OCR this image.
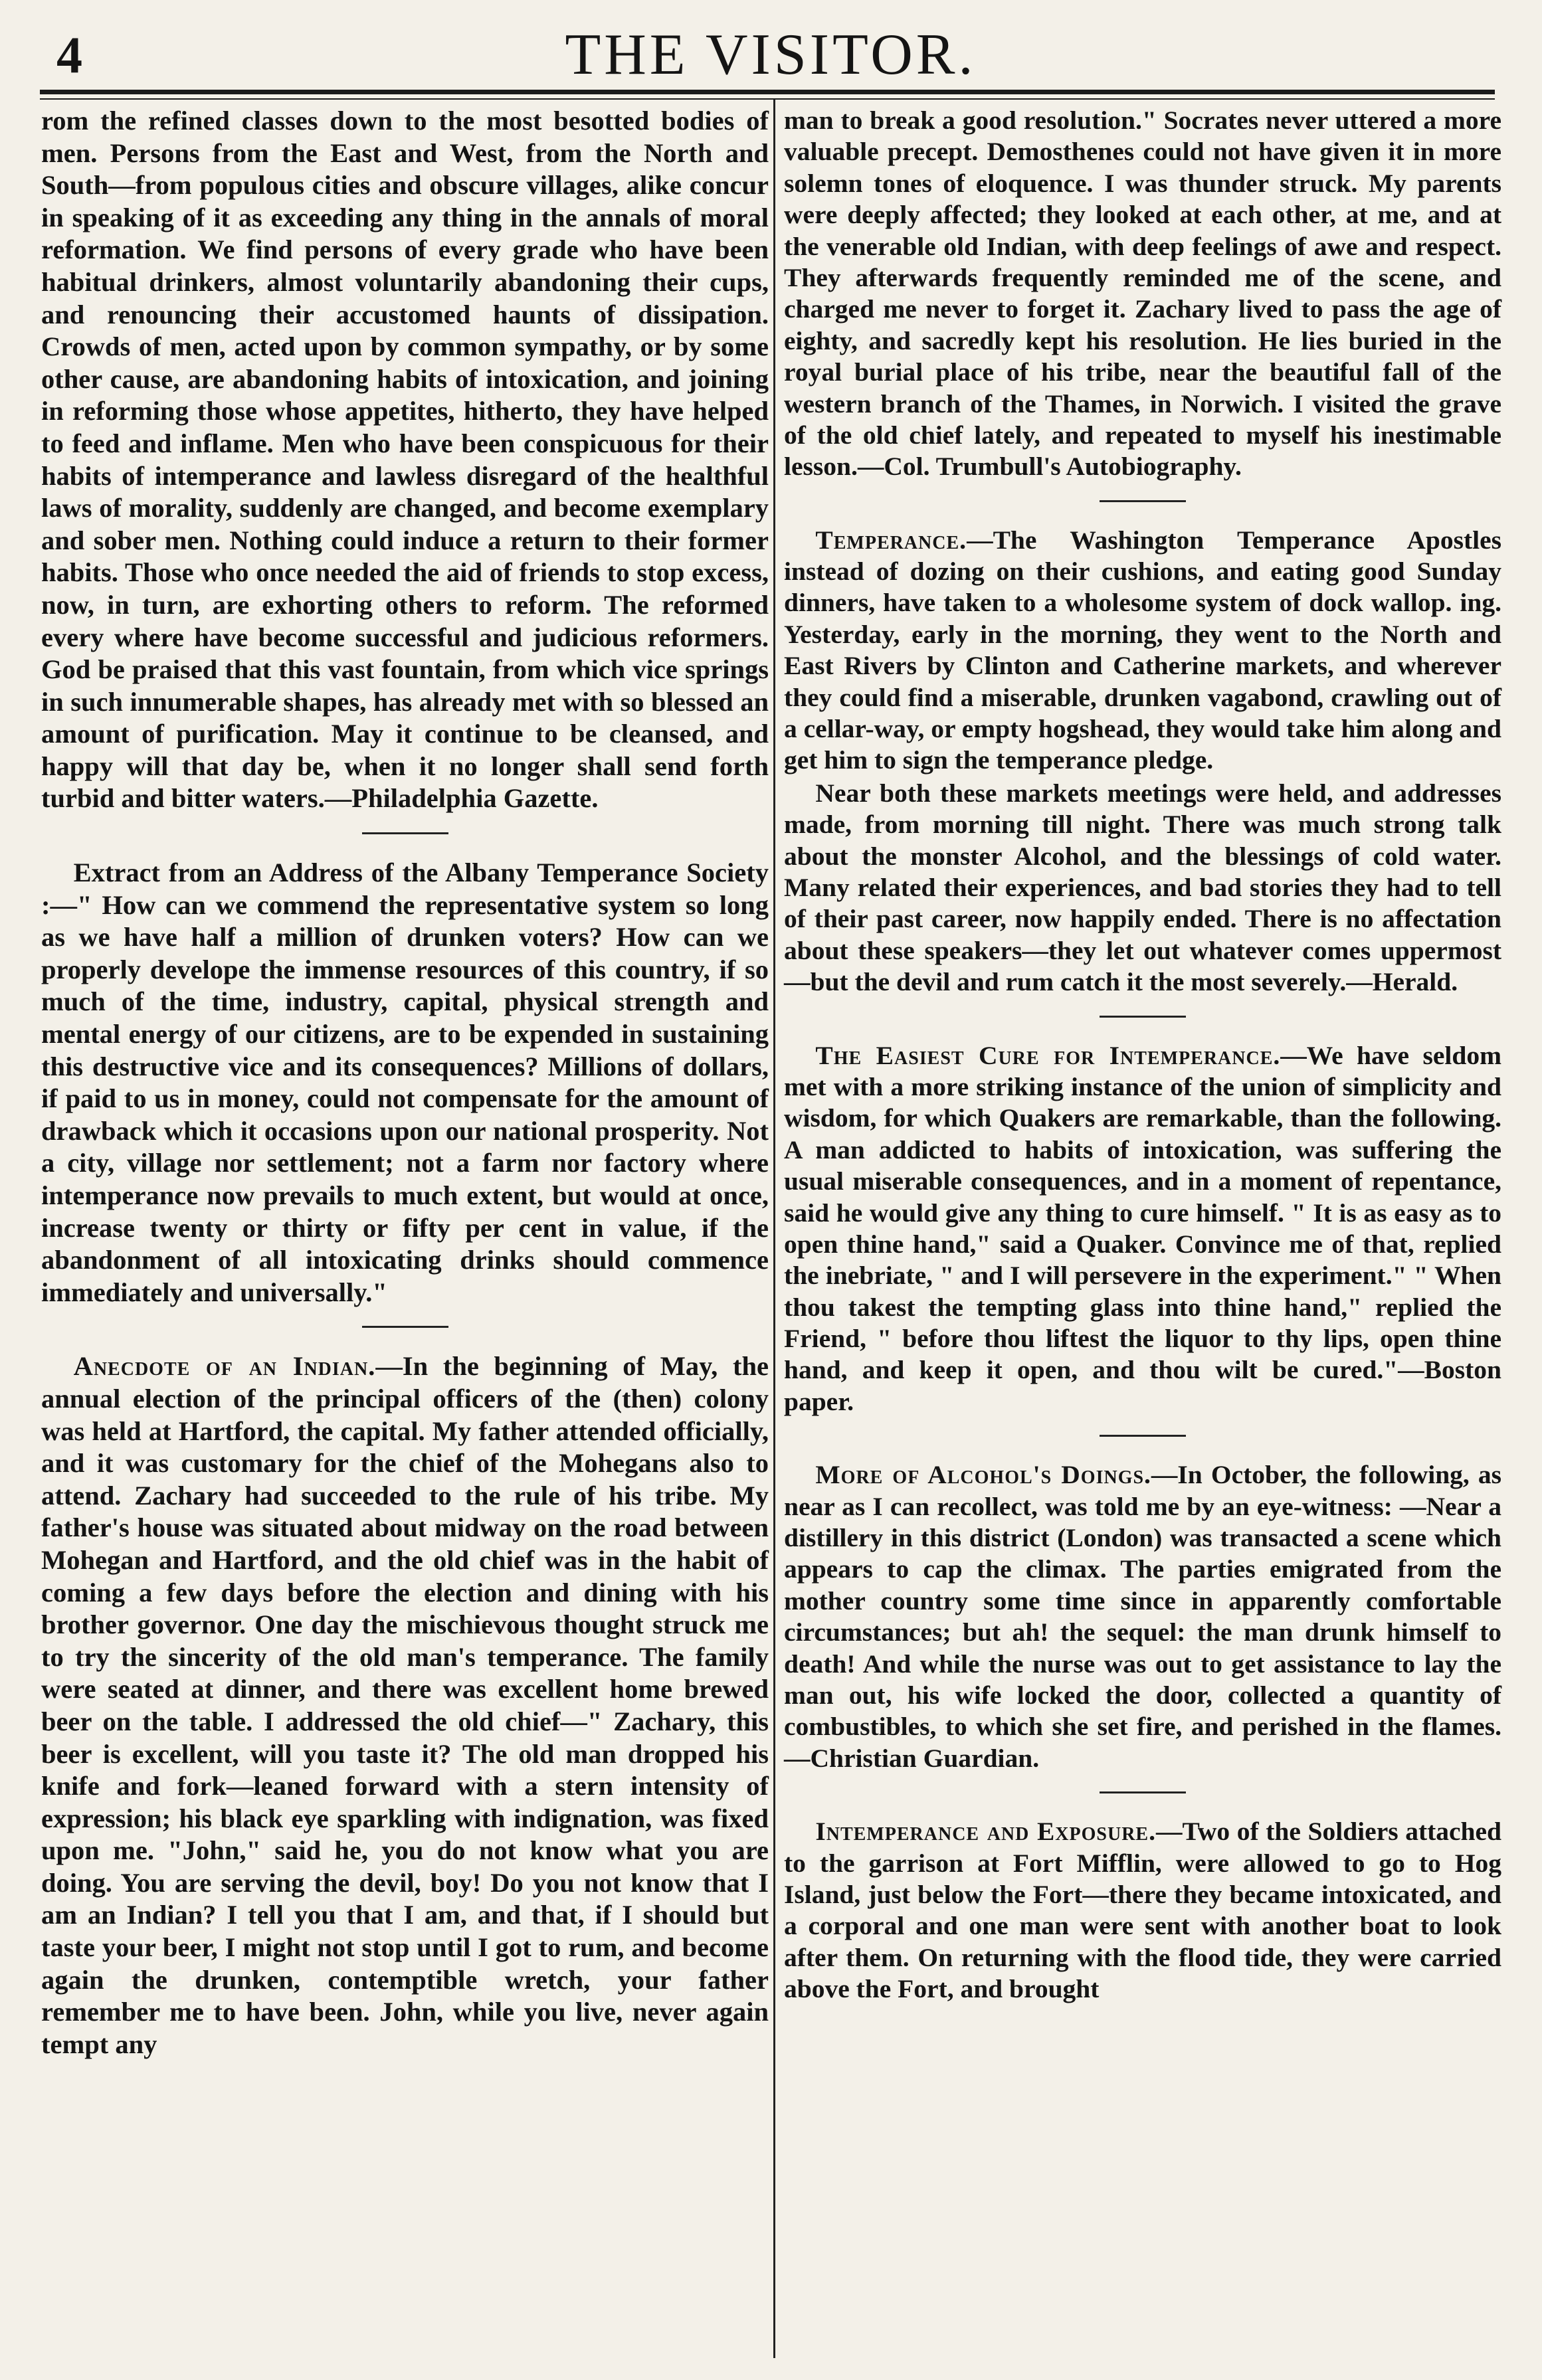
4	THE VISITOR.

rom the refined classes down to the most besotted bodies of men. Persons from the East and West, from the North and South—from populous cities and obscure villages, alike concur in speaking of it as exceeding any thing in the annals of moral reformation. We find persons of every grade who have been habitual drinkers, almost voluntarily abandoning their cups, and renouncing their accustomed haunts of dissipation. Crowds of men, acted upon by common sympathy, or by some other cause, are abandoning habits of intoxication, and joining in reforming those whose appetites, hitherto, they have helped to feed and inflame. Men who have been conspicuous for their habits of intemperance and lawless disregard of the healthful laws of morality, suddenly are changed, and become exemplary and sober men. Nothing could induce a return to their former habits. Those who once needed the aid of friends to stop excess, now, in turn, are exhorting others to reform. The reformed every where have become successful and judicious reformers. God be praised that this vast fountain, from which vice springs in such innumerable shapes, has already met with so blessed an amount of purification. May it continue to be cleansed, and happy will that day be, when it no longer shall send forth turbid and bitter waters.—Philadelphia Gazette.

Extract from an Address of the Albany Temperance Society :—" How can we commend the representative system so long as we have half a million of drunken voters? How can we properly develope the immense resources of this country, if so much of the time, industry, capital, physical strength and mental energy of our citizens, are to be expended in sustaining this destructive vice and its consequences? Millions of dollars, if paid to us in money, could not compensate for the amount of drawback which it occasions upon our national prosperity. Not a city, village nor settlement; not a farm nor factory where intemperance now prevails to much extent, but would at once, increase twenty or thirty or fifty per cent in value, if the abandonment of all intoxicating drinks should commence immediately and universally."

Anecdote of an Indian.—In the beginning of May, the annual election of the principal officers of the (then) colony was held at Hartford, the capital. My father attended officially, and it was customary for the chief of the Mohegans also to attend. Zachary had succeeded to the rule of his tribe. My father's house was situated about midway on the road between Mohegan and Hartford, and the old chief was in the habit of coming a few days before the election and dining with his brother governor. One day the mischievous thought struck me to try the sincerity of the old man's temperance. The family were seated at dinner, and there was excellent home brewed beer on the table. I addressed the old chief—" Zachary, this beer is excellent, will you taste it? The old man dropped his knife and fork—leaned forward with a stern intensity of expression; his black eye sparkling with indignation, was fixed upon me. "John," said he, you do not know what you are doing. You are serving the devil, boy! Do you not know that I am an Indian? I tell you that I am, and that, if I should but taste your beer, I might not stop until I got to rum, and become again the drunken, contemptible wretch, your father remember me to have been. John, while you live, never again tempt any

man to break a good resolution." Socrates never uttered a more valuable precept. Demosthenes could not have given it in more solemn tones of eloquence. I was thunder struck. My parents were deeply affected; they looked at each other, at me, and at the venerable old Indian, with deep feelings of awe and respect. They afterwards frequently reminded me of the scene, and charged me never to forget it. Zachary lived to pass the age of eighty, and sacredly kept his resolution. He lies buried in the royal burial place of his tribe, near the beautiful fall of the western branch of the Thames, in Norwich. I visited the grave of the old chief lately, and repeated to myself his inestimable lesson.—Col. Trumbull's Autobiography.

Temperance.—The Washington Temperance Apostles instead of dozing on their cushions, and eating good Sunday dinners, have taken to a wholesome system of dock wallop. ing. Yesterday, early in the morning, they went to the North and East Rivers by Clinton and Catherine markets, and wherever they could find a miserable, drunken vagabond, crawling out of a cellar-way, or empty hogshead, they would take him along and get him to sign the temperance pledge.

Near both these markets meetings were held, and addresses made, from morning till night. There was much strong talk about the monster Alcohol, and the blessings of cold water. Many related their experiences, and bad stories they had to tell of their past career, now happily ended. There is no affectation about these speakers—they let out whatever comes uppermost—but the devil and rum catch it the most severely.—Herald.

The Easiest Cure for Intemperance.—We have seldom met with a more striking instance of the union of simplicity and wisdom, for which Quakers are remarkable, than the following. A man addicted to habits of intoxication, was suffering the usual miserable consequences, and in a moment of repentance, said he would give any thing to cure himself. " It is as easy as to open thine hand," said a Quaker. Convince me of that, replied the inebriate, " and I will persevere in the experiment." " When thou takest the tempting glass into thine hand," replied the Friend, " before thou liftest the liquor to thy lips, open thine hand, and keep it open, and thou wilt be cured."—Boston paper.

More of Alcohol's Doings.—In October, the following, as near as I can recollect, was told me by an eye-witness: —Near a distillery in this district (London) was transacted a scene which appears to cap the climax. The parties emigrated from the mother country some time since in apparently comfortable circumstances; but ah! the sequel: the man drunk himself to death! And while the nurse was out to get assistance to lay the man out, his wife locked the door, collected a quantity of combustibles, to which she set fire, and perished in the flames.—Christian Guardian.

Intemperance and Exposure.—Two of the Soldiers attached to the garrison at Fort Mifflin, were allowed to go to Hog Island, just below the Fort—there they became intoxicated, and a corporal and one man were sent with another boat to look after them. On returning with the flood tide, they were carried above the Fort, and brought
